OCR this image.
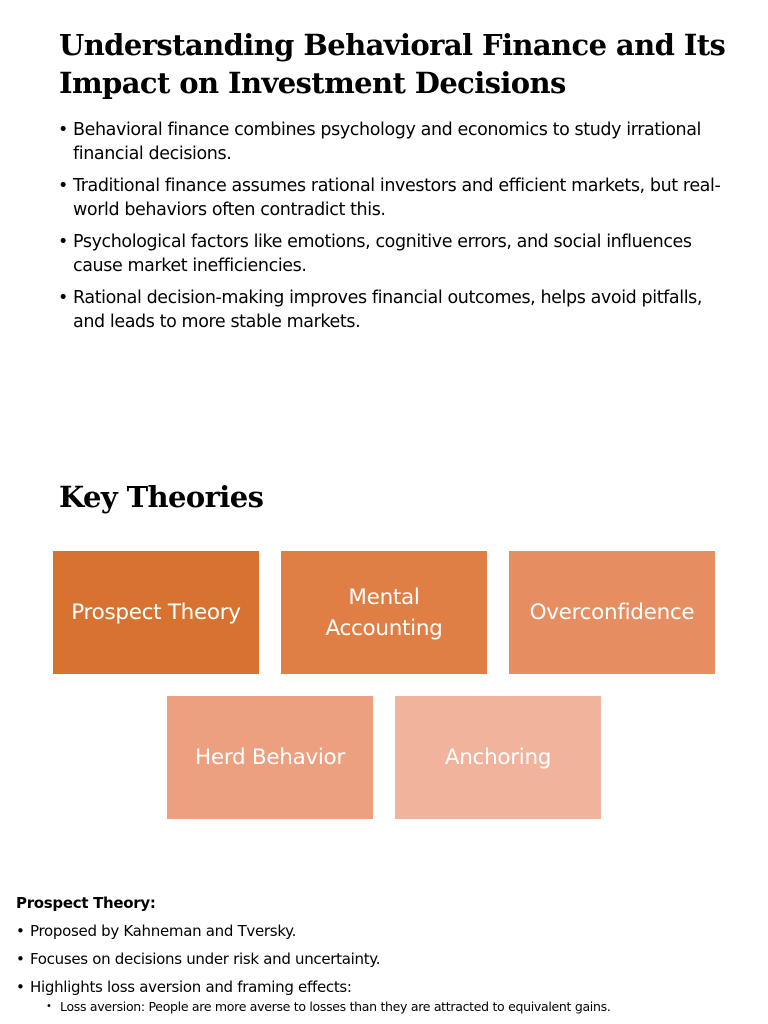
Understanding Behavioral Finance and Its Impact on Investment Decisions
• Behavioral finance combines psychology and economics to study irrational financial decisions.
• Traditional finance assumes rational investors and efficient markets, but real-world behaviors often contradict this.
• Psychological factors like emotions, cognitive errors, and social influences cause market inefficiencies.
• Rational decision-making improves financial outcomes, helps avoid pitfalls, and leads to more stable markets.
Key Theories
Prospect Theory
Mental Accounting
Overconfidence
Herd Behavior	Anchoring
Prospect Theory:
• Proposed by Kahneman and Tversky.
• Focuses on decisions under risk and uncertainty.
• Highlights loss aversion and framing effects:
• Loss aversion: People are more averse to losses than they are attracted to equivalent gains.
